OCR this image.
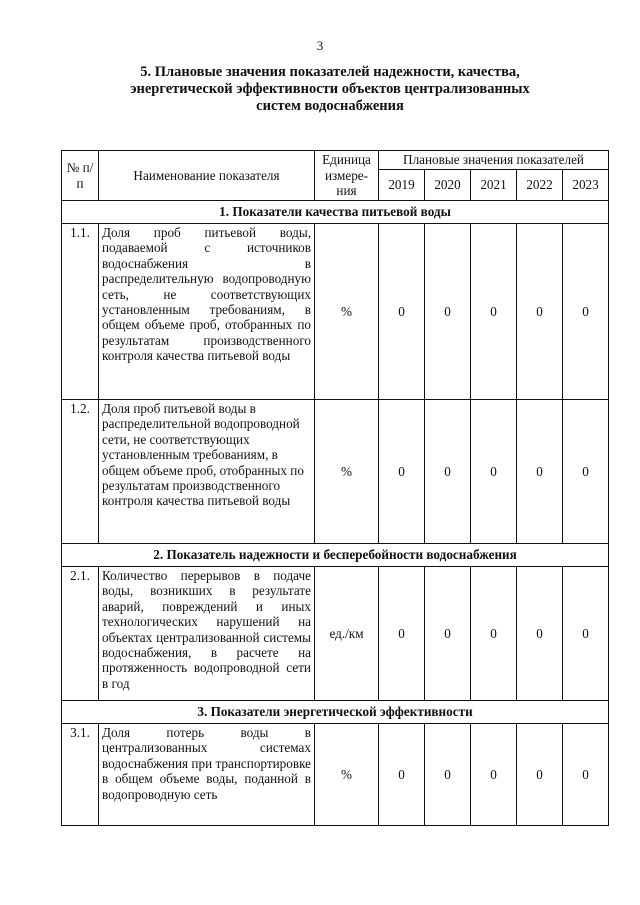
3
5. Плановые значения показателей надежности, качества,
энергетической эффективности объектов централизованных
систем водоснабжения
№ п/п	Наименование показателя	Единица измере-ния	Плановые значения показателей				
			2019	2020	2021	2022	2023
1. Показатели качества питьевой воды							
1.1.	Доля проб питьевой воды, подаваемой с источников водоснабжения в распределительную водопроводную сеть, не соответствующих установленным требованиям, в общем объеме проб, отобранных по результатам производственного контроля качества питьевой воды	%	0	0	0	0	0
1.2.	Доля проб питьевой воды в распределительной водопроводной сети, не соответствующих установленным требованиям, в общем объеме проб, отобранных по результатам производственного контроля качества питьевой воды	%	0	0	0	0	0
2. Показатель надежности и бесперебойности водоснабжения							
2.1.	Количество перерывов в подаче воды, возникших в результате аварий, повреждений и иных технологических нарушений на объектах централизованной системы водоснабжения, в расчете на протяженность водопроводной сети в год	ед./км	0	0	0	0	0
3. Показатели энергетической эффективности							
3.1.	Доля потерь воды в централизованных системах водоснабжения при транспортировке в общем объеме воды, поданной в водопроводную сеть	%	0	0	0	0	0
